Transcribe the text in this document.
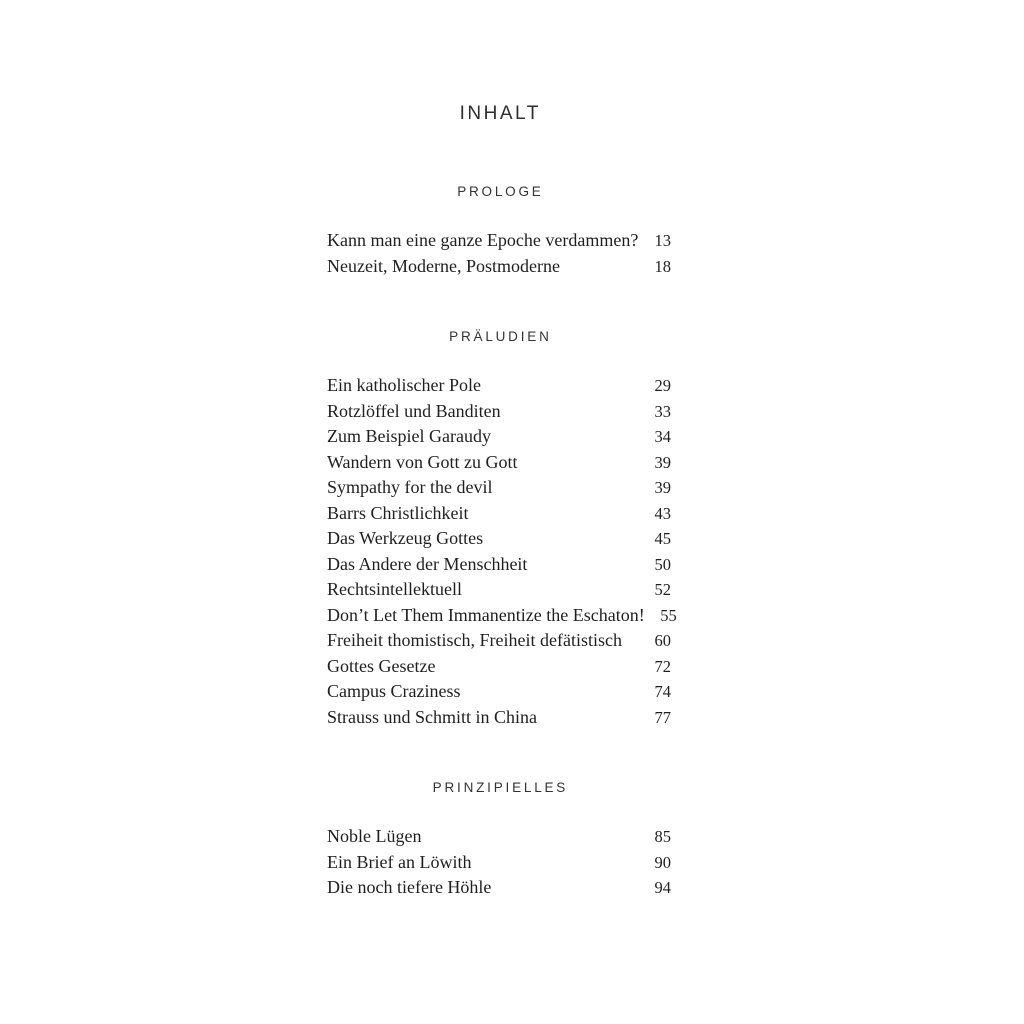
INHALT
PROLOGE
Kann man eine ganze Epoche verdammen? 13
Neuzeit, Moderne, Postmoderne	18
PRÄLUDIEN
Ein katholischer Pole	29
Rotzlöffel und Banditen	33
Zum Beispiel Garaudy	34
Wandern von Gott zu Gott	39
Sympathy for the devil	39
Barrs Christlichkeit	43
Das Werkzeug Gottes	45
Das Andere der Menschheit	50
Rechtsintellektuell	52
Don’t Let Them Immanentize the Eschaton! 55
Freiheit thomistisch, Freiheit defätistisch 60
Gottes Gesetze	72
Campus Craziness	74
Strauss und Schmitt in China	77
PRINZIPIELLES
Noble Lügen	85
Ein Brief an Löwith	90
Die noch tiefere Höhle	94
